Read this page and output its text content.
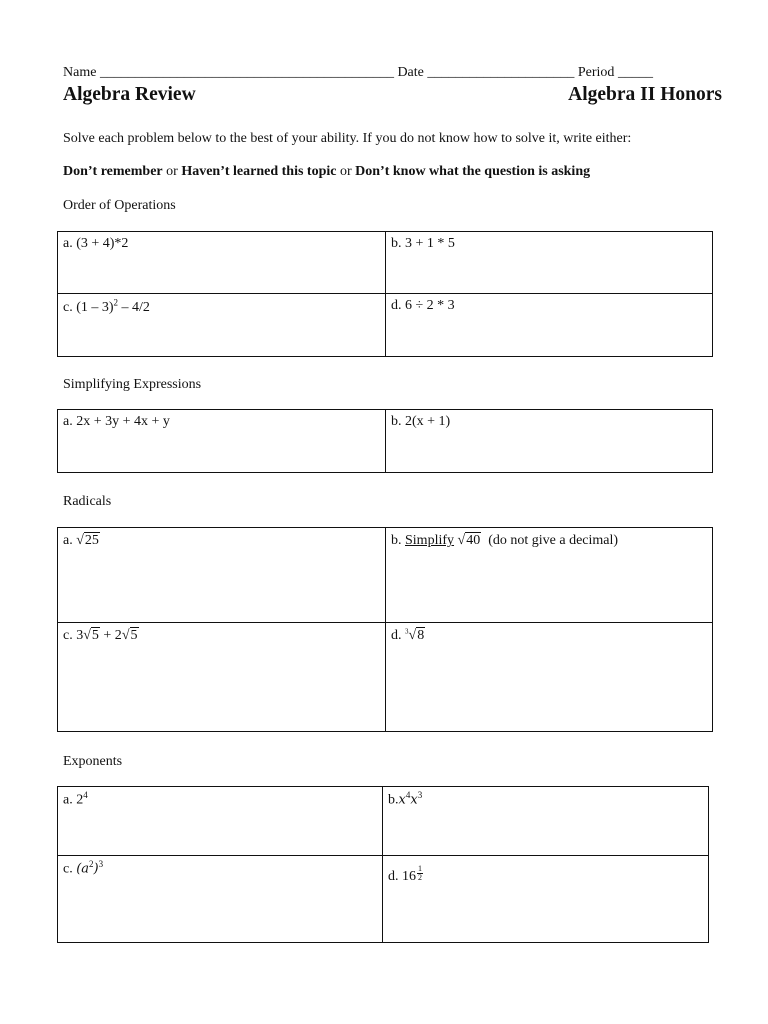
Name __________________________________________ Date _____________________ Period _____
Algebra Review	Algebra II Honors
Solve each problem below to the best of your ability. If you do not know how to solve it, write either:
Don’t remember or Haven’t learned this topic or Don’t know what the question is asking
Order of Operations
a. (3 + 4)*2	b. 3 + 1 * 5
c. (1 – 3)$^2$ – 4/2	d. 6 ÷ 2 * 3
Simplifying Expressions
a. 2x + 3y + 4x + y	b. 2(x + 1)
Radicals
a. √25	b. Simplify √40 (do not give a decimal)
c. 3√5 + 2√5	d. $^3$√8
Exponents
a. $2^4$	$b.x^4x^3$
c. $(a^2)^3$	d. $16 \frac{1}{2}$
